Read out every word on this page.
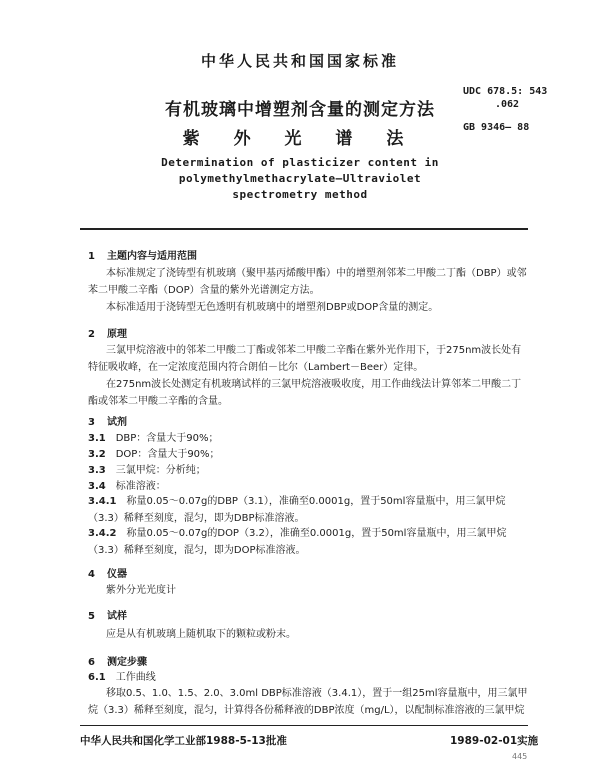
中华人民共和国国家标准
有机玻璃中增塑剂含量的测定方法
紫 外 光 谱 法
UDC 678.5: 543
.062
GB 9346— 88
Determination of plasticizer content in
polymethylmethacrylate—Ultraviolet
spectrometry method
1 主题内容与适用范围
本标准规定了浇铸型有机玻璃（聚甲基丙烯酸甲酯）中的增塑剂邻苯二甲酸二丁酯（DBP）或邻苯二甲酸二辛酯（DOP）含量的紫外光谱测定方法。
本标准适用于浇铸型无色透明有机玻璃中的增塑剂DBP或DOP含量的测定。
2 原理
三氯甲烷溶液中的邻苯二甲酸二丁酯或邻苯二甲酸二辛酯在紫外光作用下，于275nm波长处有特征吸收峰，在一定浓度范围内符合朗伯－比尔（Lambert－Beer）定律。
在275nm波长处测定有机玻璃试样的三氯甲烷溶液吸收度，用工作曲线法计算邻苯二甲酸二丁酯或邻苯二甲酸二辛酯的含量。
3 试剂
3.1 DBP：含量大于90%；
3.2 DOP：含量大于90%；
3.3 三氯甲烷：分析纯；
3.4 标准溶液：
3.4.1 称量0.05～0.07g的DBP（3.1），准确至0.0001g，置于50ml容量瓶中，用三氯甲烷（3.3）稀释至刻度，混匀，即为DBP标准溶液。
3.4.2 称量0.05～0.07g的DOP（3.2），准确至0.0001g，置于50ml容量瓶中，用三氯甲烷（3.3）稀释至刻度，混匀，即为DOP标准溶液。
4 仪器
紫外分光光度计
5 试样
应是从有机玻璃上随机取下的颗粒或粉末。
6 测定步骤
6.1 工作曲线
移取0.5、1.0、1.5、2.0、3.0ml DBP标准溶液（3.4.1），置于一组25ml容量瓶中，用三氯甲烷（3.3）稀释至刻度，混匀，计算得各份稀释液的DBP浓度（mg/L），以配制标准溶液的三氯甲烷
中华人民共和国化学工业部1988-5-13批准	1989-02-01实施
445
